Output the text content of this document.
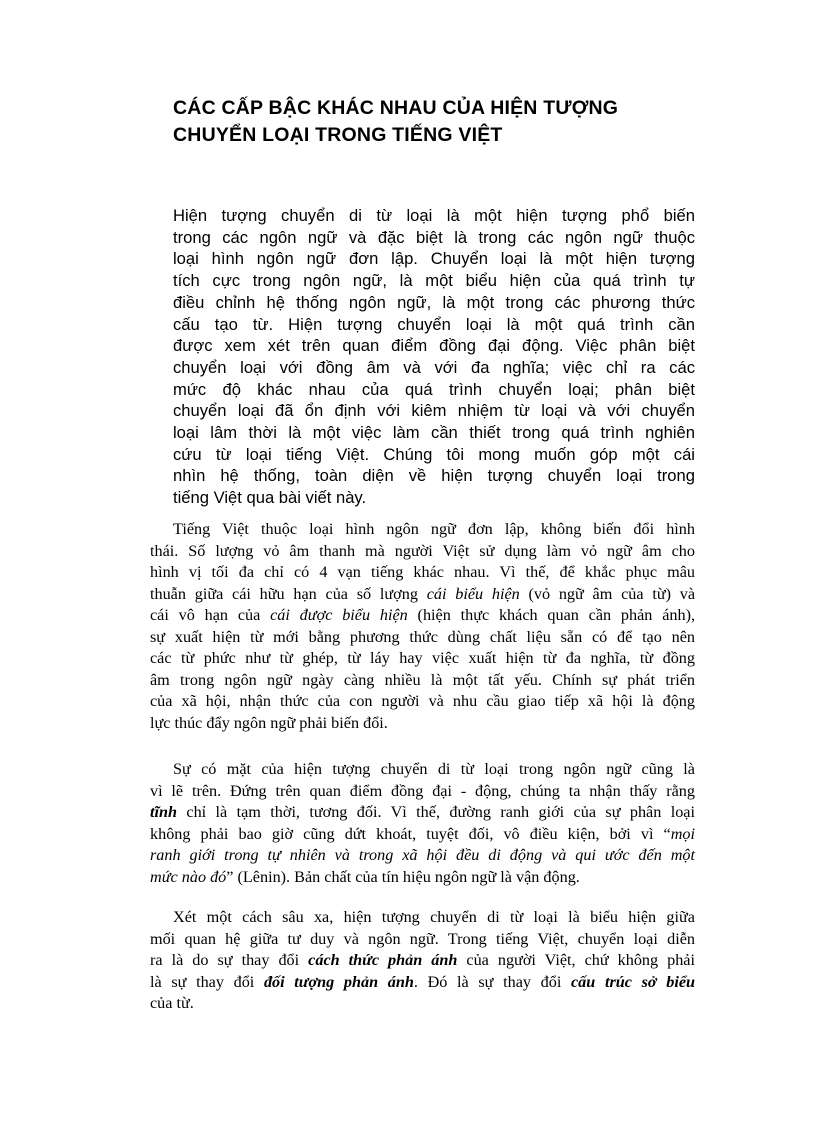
CÁC CẤP BẬC KHÁC NHAU CỦA HIỆN TƯỢNG
CHUYỂN LOẠI TRONG TIẾNG VIỆT
Hiện tượng chuyển di từ loại là một hiện tượng phổ biến
trong các ngôn ngữ và đặc biệt là trong các ngôn ngữ thuộc
loại hình ngôn ngữ đơn lập. Chuyển loại là một hiện tượng
tích cực trong ngôn ngữ, là một biểu hiện của quá trình tự
điều chỉnh hệ thống ngôn ngữ, là một trong các phương thức
cấu tạo từ. Hiện tượng chuyển loại là một quá trình cần
được xem xét trên quan điểm đồng đại động. Việc phân biệt
chuyển loại với đồng âm và với đa nghĩa; việc chỉ ra các
mức độ khác nhau của quá trình chuyển loại; phân biệt
chuyển loại đã ổn định với kiêm nhiệm từ loại và với chuyển
loại lâm thời là một việc làm cần thiết trong quá trình nghiên
cứu từ loại tiếng Việt. Chúng tôi mong muốn góp một cái
nhìn hệ thống, toàn diện về hiện tượng chuyển loại trong
tiếng Việt qua bài viết này.
Tiếng Việt thuộc loại hình ngôn ngữ đơn lập, không biến đổi hình
thái. Số lượng vỏ âm thanh mà người Việt sử dụng làm vỏ ngữ âm cho
hình vị tối đa chỉ có 4 vạn tiếng khác nhau. Vì thế, để khắc phục mâu
thuẫn giữa cái hữu hạn của số lượng cái biểu hiện (vỏ ngữ âm của từ) và
cái vô hạn của cái được biểu hiện (hiện thực khách quan cần phản ánh),
sự xuất hiện từ mới bằng phương thức dùng chất liệu sẵn có để tạo nên
các từ phức như từ ghép, từ láy hay việc xuất hiện từ đa nghĩa, từ đồng
âm trong ngôn ngữ ngày càng nhiều là một tất yếu. Chính sự phát triển
của xã hội, nhận thức của con người và nhu cầu giao tiếp xã hội là động
lực thúc đẩy ngôn ngữ phải biến đổi.
Sự có mặt của hiện tượng chuyển di từ loại trong ngôn ngữ cũng là
vì lẽ trên. Đứng trên quan điểm đồng đại - động, chúng ta nhận thấy rằng
tĩnh chỉ là tạm thời, tương đối. Vì thế, đường ranh giới của sự phân loại
không phải bao giờ cũng dứt khoát, tuyệt đối, vô điều kiện, bởi vì “mọi
ranh giới trong tự nhiên và trong xã hội đều di động và qui ước đến một
mức nào đó” (Lênin). Bản chất của tín hiệu ngôn ngữ là vận động.
Xét một cách sâu xa, hiện tượng chuyển di từ loại là biểu hiện giữa
mối quan hệ giữa tư duy và ngôn ngữ. Trong tiếng Việt, chuyển loại diễn
ra là do sự thay đổi cách thức phản ánh của người Việt, chứ không phải
là sự thay đổi đối tượng phản ánh. Đó là sự thay đổi cấu trúc sở biểu
của từ.
